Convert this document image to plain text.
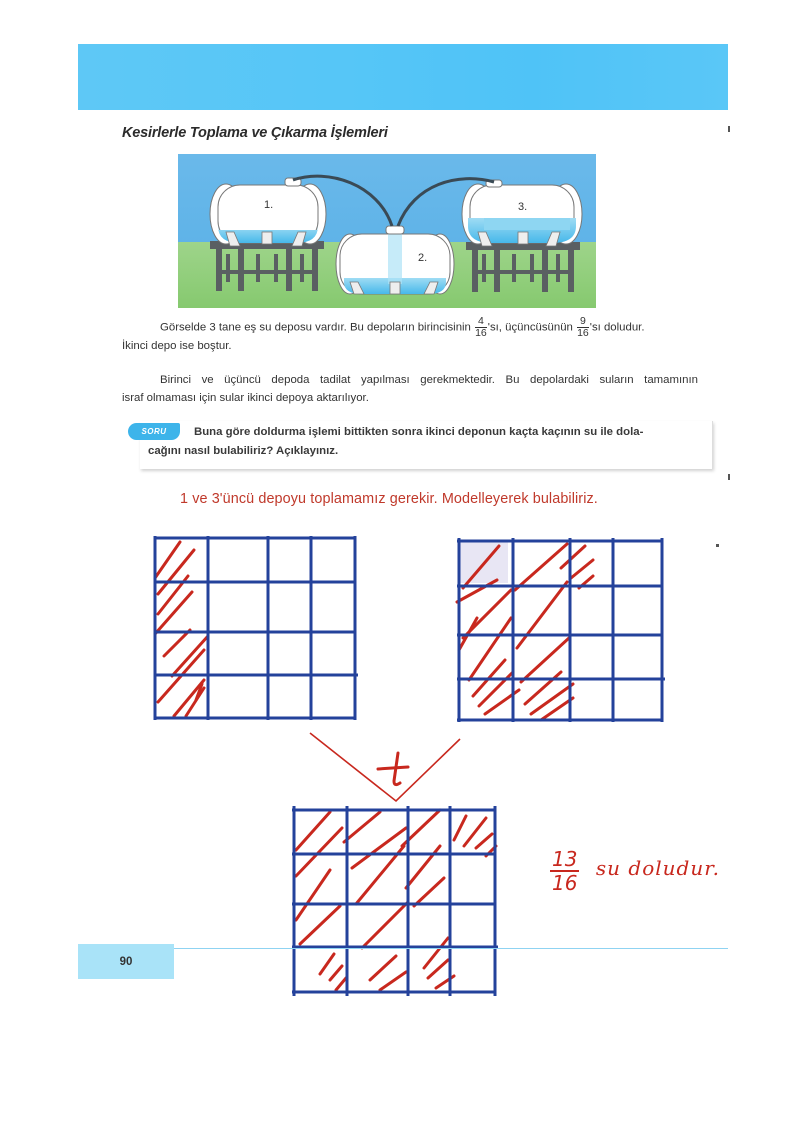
Kesirlerle Toplama ve Çıkarma İşlemleri
1.	3.
2.
Görselde 3 tane eş su deposu vardır. Bu depoların birincisinin $\frac{4}{16}$ 'sı, üçüncüsünün $\frac{9}{16}$ 'sı doludur.
İkinci depo ise boştur.
Birinci ve üçüncü depoda tadilat yapılması gerekmektedir. Bu depolardaki suların tamamının
israf olmaması için sular ikinci depoya aktarılıyor.
SORU	Buna göre doldurma işlemi bittikten sonra ikinci deponun kaçta kaçının su ile dola-
cağını nasıl bulabiliriz? Açıklayınız.
1 ve 3'üncü depoyu toplamamız gerekir. Modelleyerek bulabiliriz.
$\frac{13}{16}$ su doludur.
90
